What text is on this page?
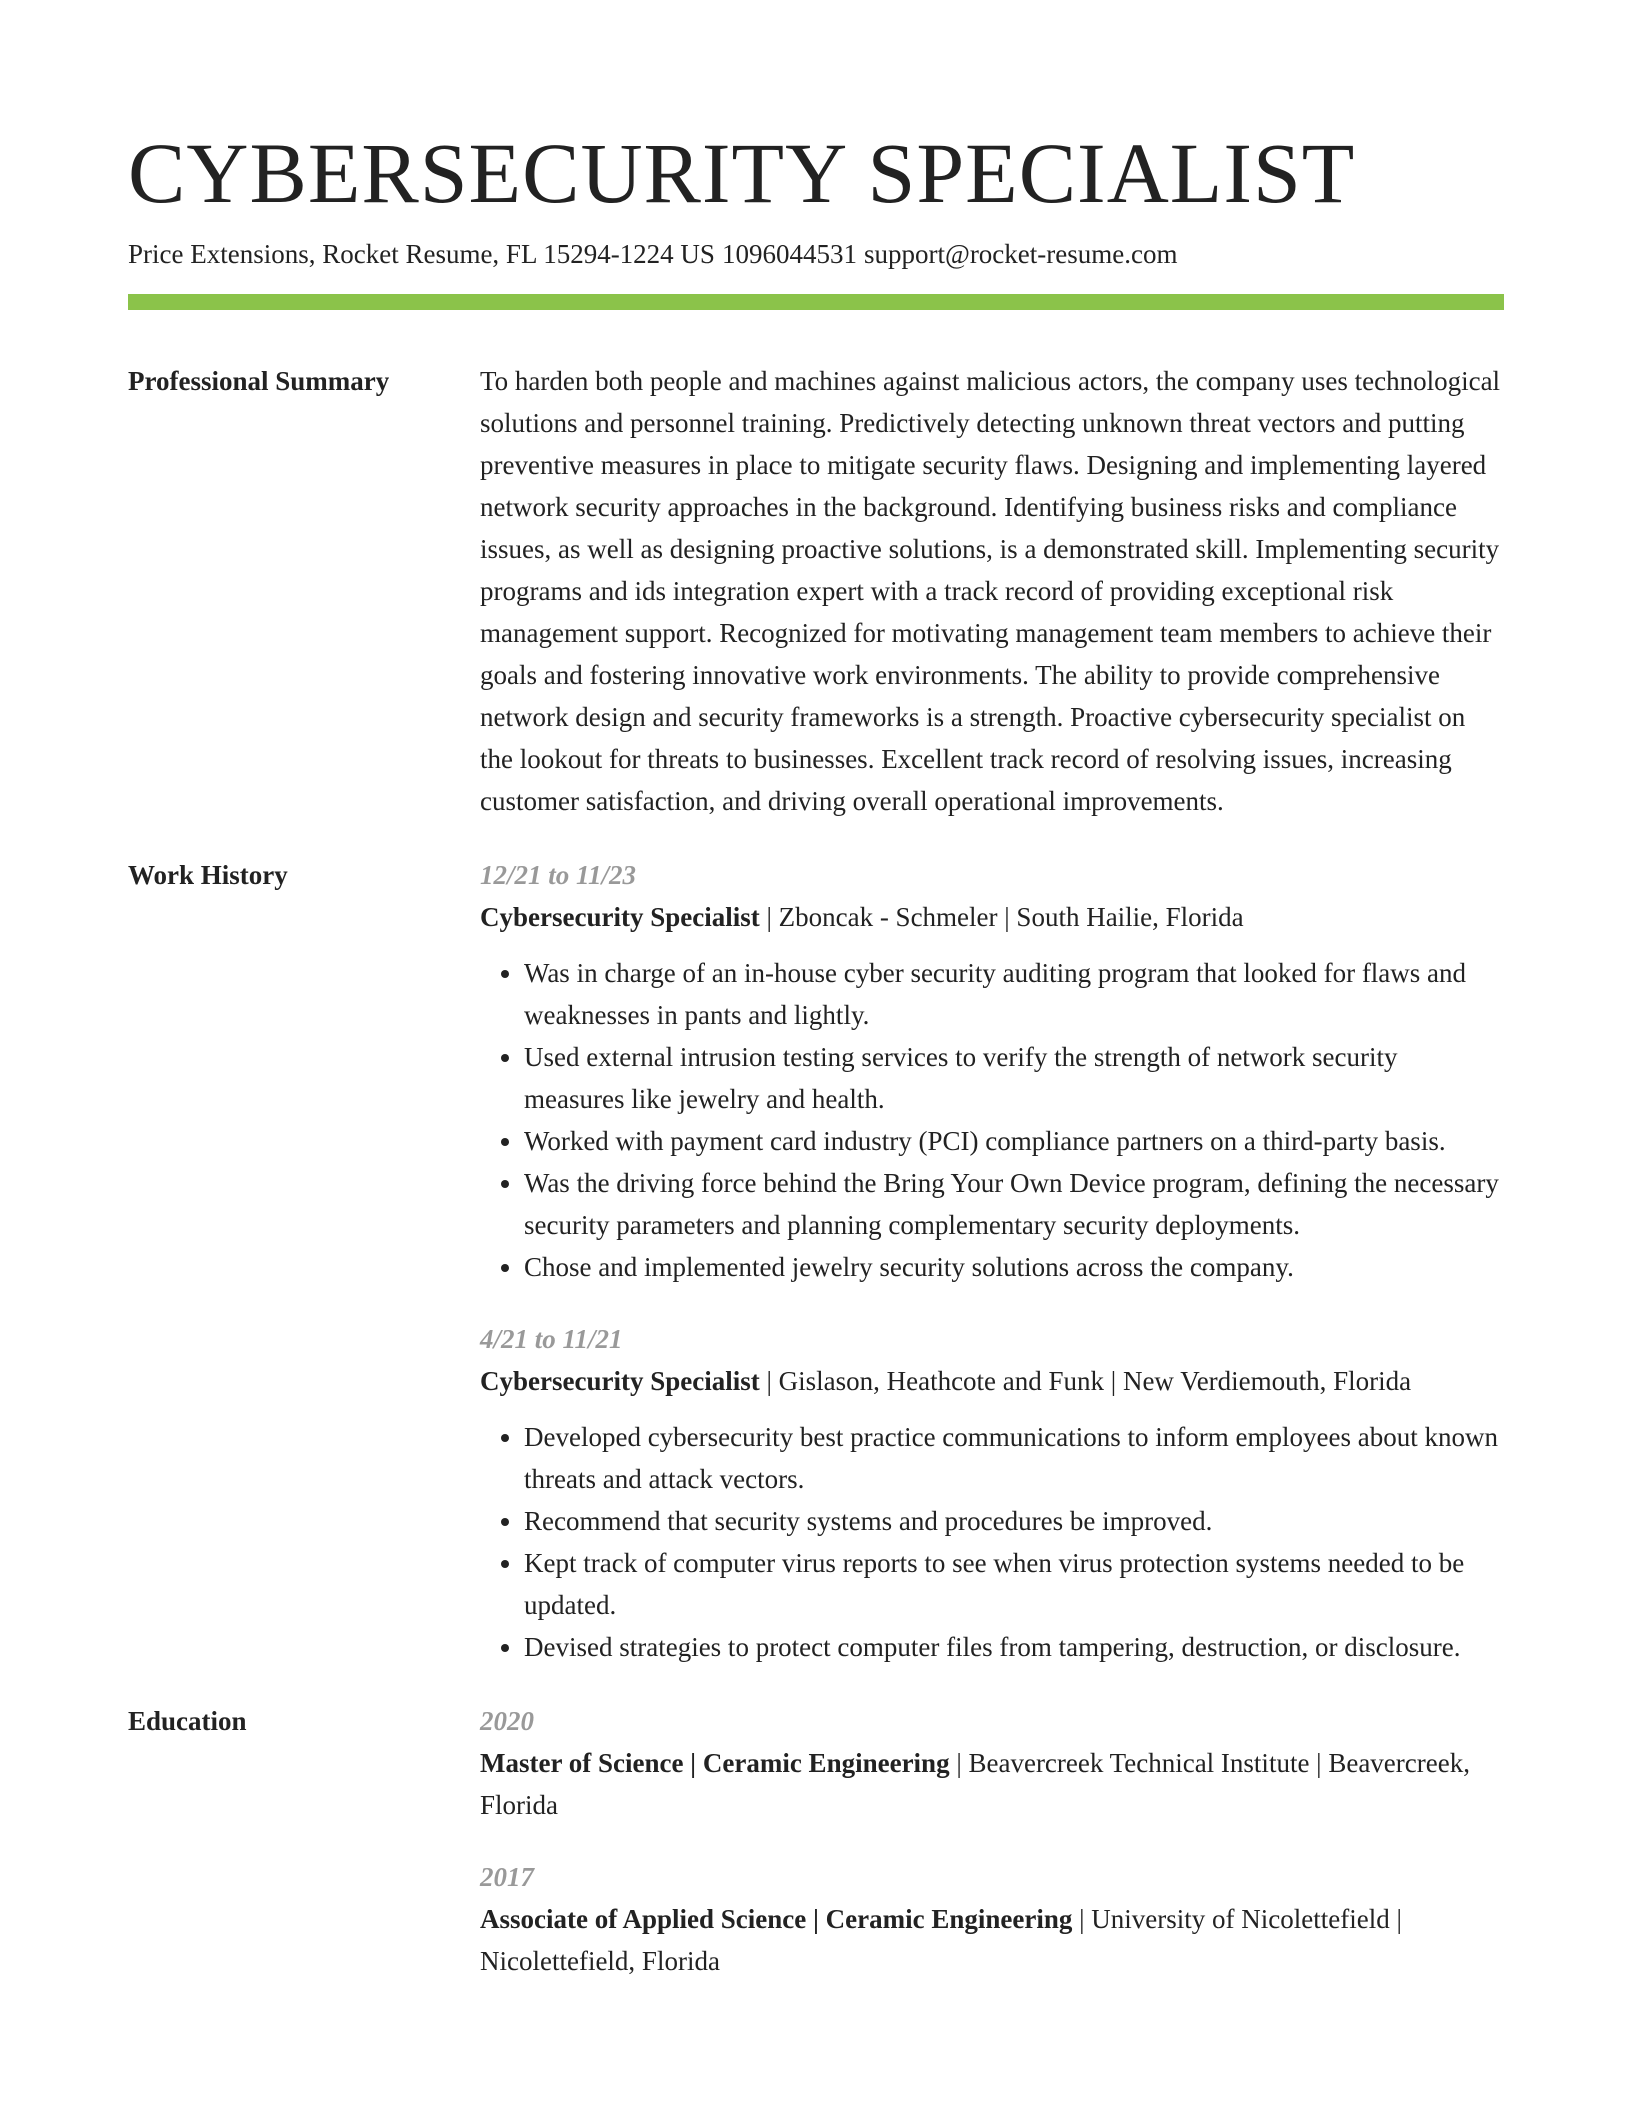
CYBERSECURITY SPECIALIST
Price Extensions, Rocket Resume, FL 15294-1224 US 1096044531 support@rocket-resume.com
Professional Summary	To harden both people and machines against malicious actors, the company uses technological solutions and personnel training. Predictively detecting unknown threat vectors and putting preventive measures in place to mitigate security flaws. Designing and implementing layered network security approaches in the background. Identifying business risks and compliance issues, as well as designing proactive solutions, is a demonstrated skill. Implementing security programs and ids integration expert with a track record of providing exceptional risk management support. Recognized for motivating management team members to achieve their goals and fostering innovative work environments. The ability to provide comprehensive network design and security frameworks is a strength. Proactive cybersecurity specialist on the lookout for threats to businesses. Excellent track record of resolving issues, increasing customer satisfaction, and driving overall operational improvements.

Work History	12/21 to 11/23
Cybersecurity Specialist | Zboncak - Schmeler | South Hailie, Florida
• Was in charge of an in-house cyber security auditing program that looked for flaws and weaknesses in pants and lightly.
• Used external intrusion testing services to verify the strength of network security measures like jewelry and health.
• Worked with payment card industry (PCI) compliance partners on a third-party basis.
• Was the driving force behind the Bring Your Own Device program, defining the necessary security parameters and planning complementary security deployments.
• Chose and implemented jewelry security solutions across the company.
4/21 to 11/21
Cybersecurity Specialist | Gislason, Heathcote and Funk | New Verdiemouth, Florida
• Developed cybersecurity best practice communications to inform employees about known threats and attack vectors.
• Recommend that security systems and procedures be improved.
• Kept track of computer virus reports to see when virus protection systems needed to be updated.
• Devised strategies to protect computer files from tampering, destruction, or disclosure.
Education	2020
Master of Science | Ceramic Engineering | Beavercreek Technical Institute | Beavercreek, Florida
2017
Associate of Applied Science | Ceramic Engineering | University of Nicolettefield | Nicolettefield, Florida
